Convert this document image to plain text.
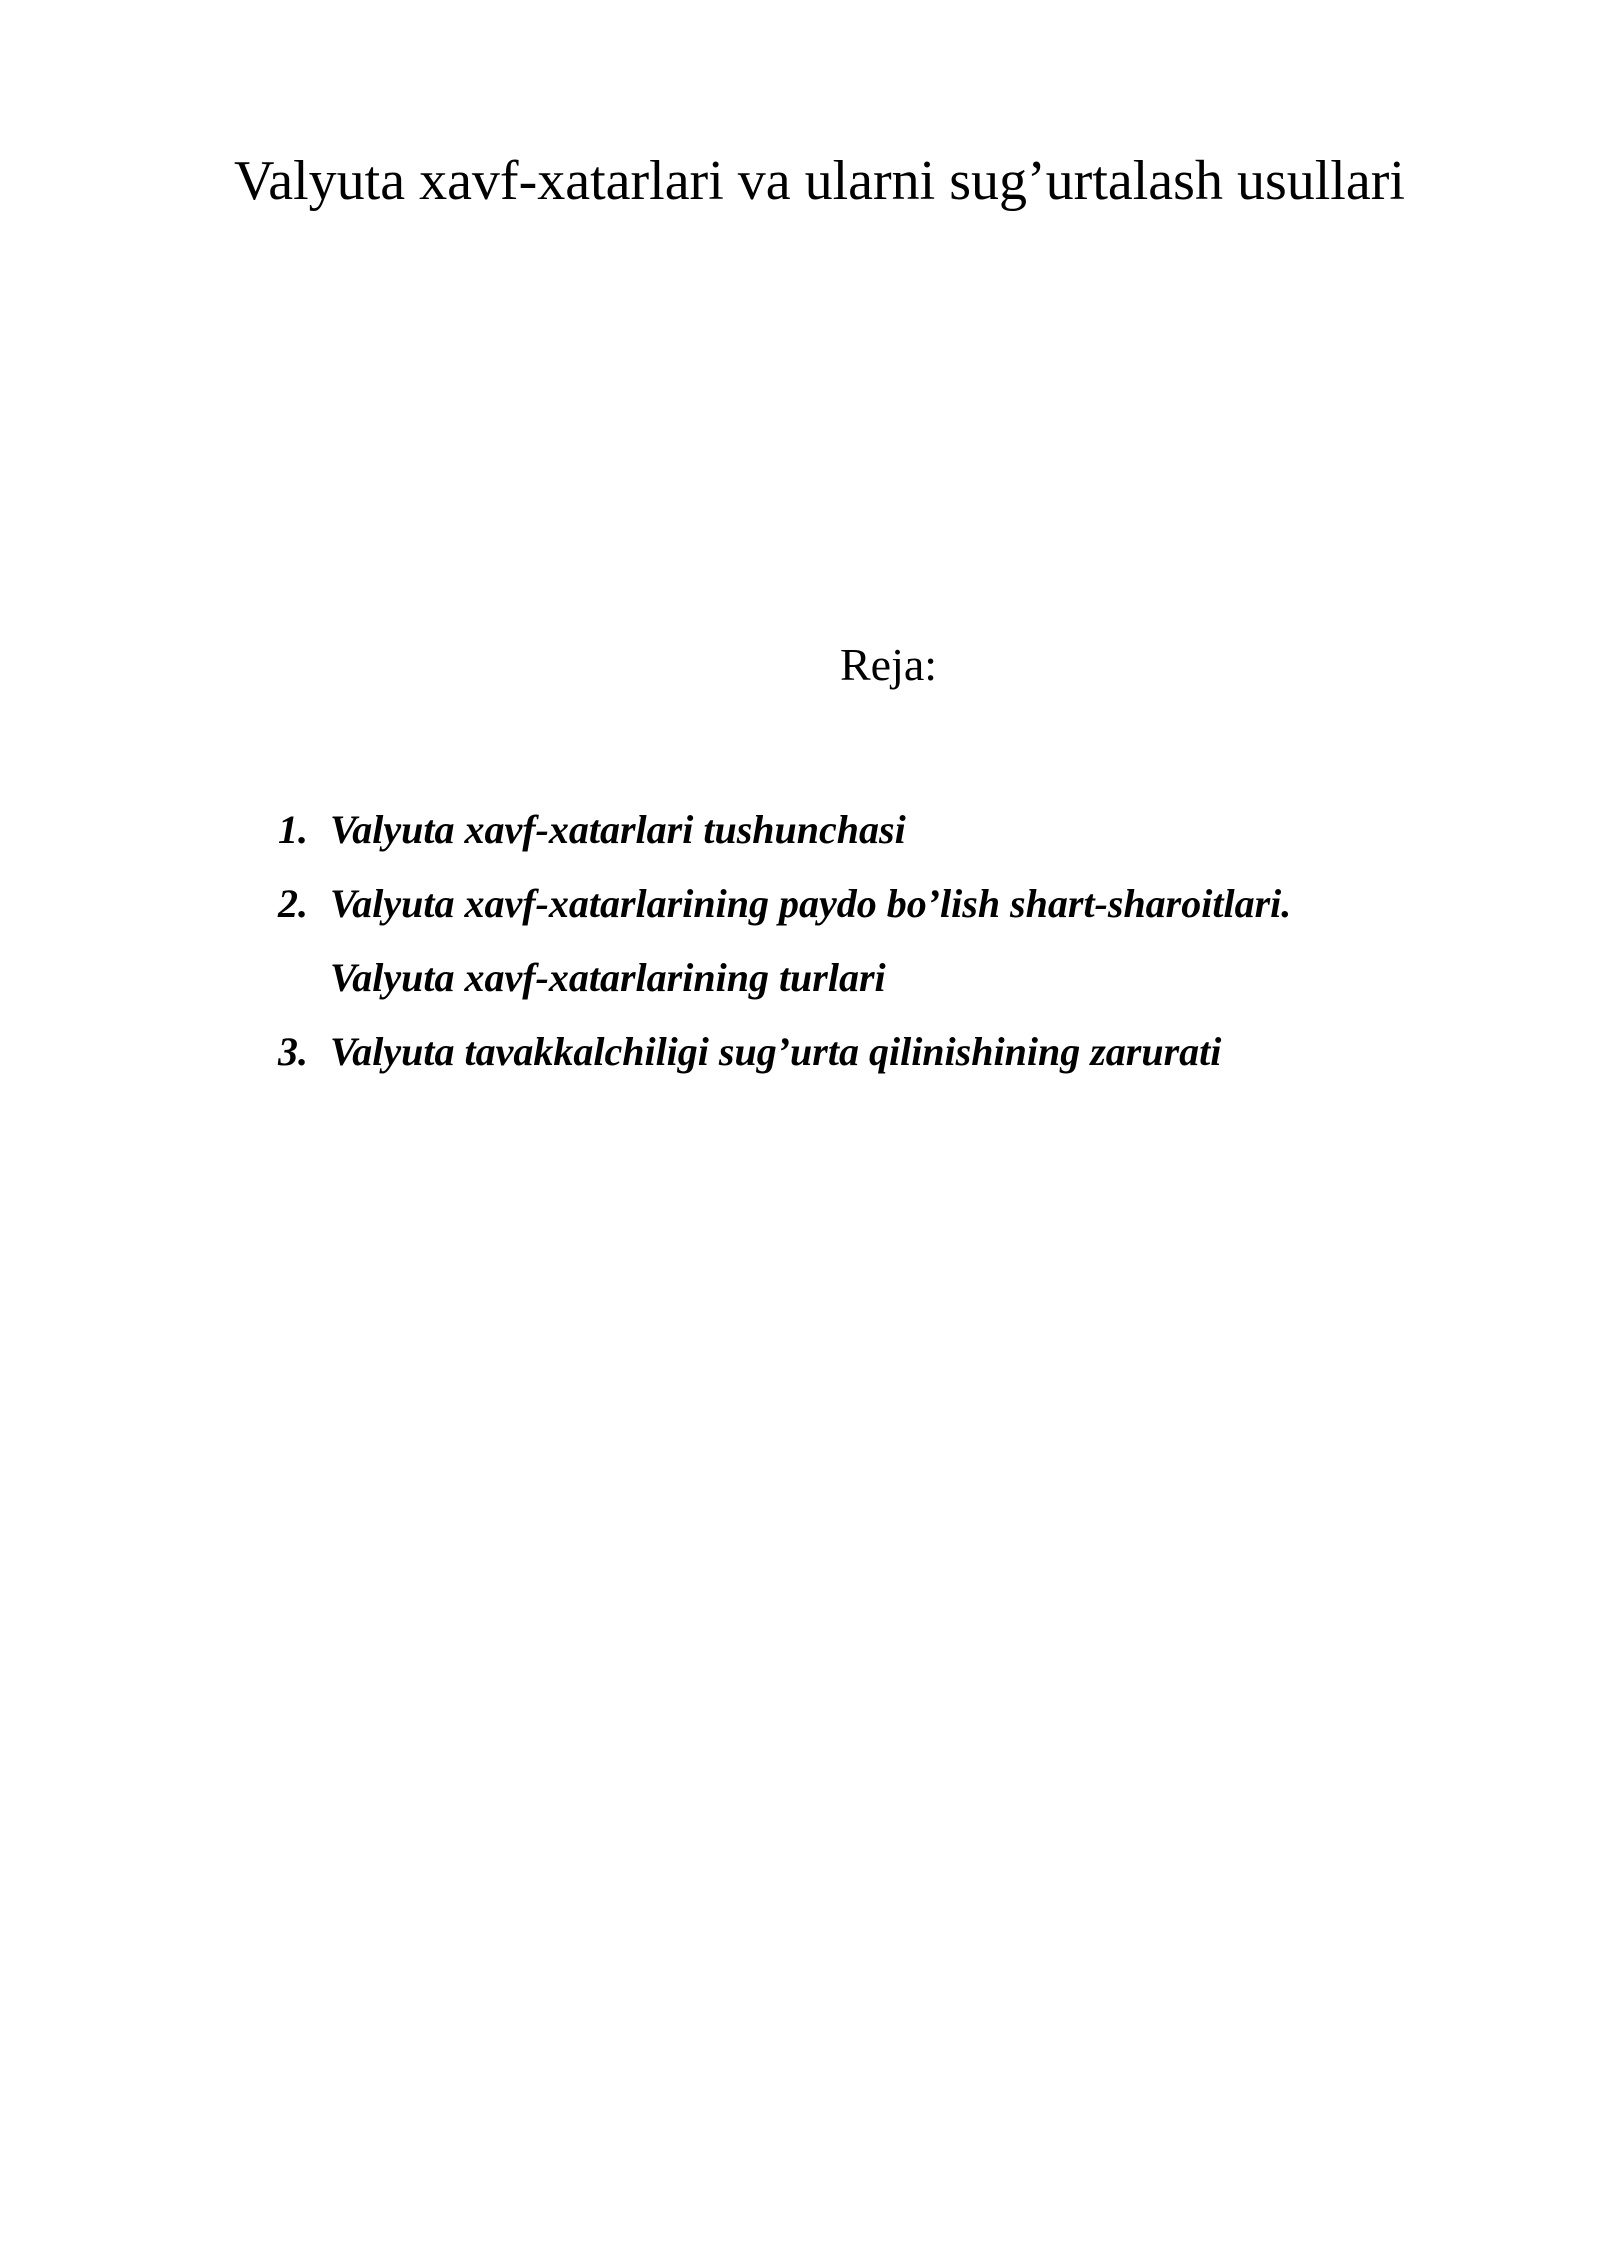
Valyuta xavf-xatarlari va ularni sug’urtalash usullari
Reja:
1. Valyuta xavf-xatarlari tushunchasi
2. Valyuta xavf-xatarlarining paydo bo’lish shart-sharoitlari.
Valyuta xavf-xatarlarining turlari
3. Valyuta tavakkalchiligi sug’urta qilinishining zarurati
